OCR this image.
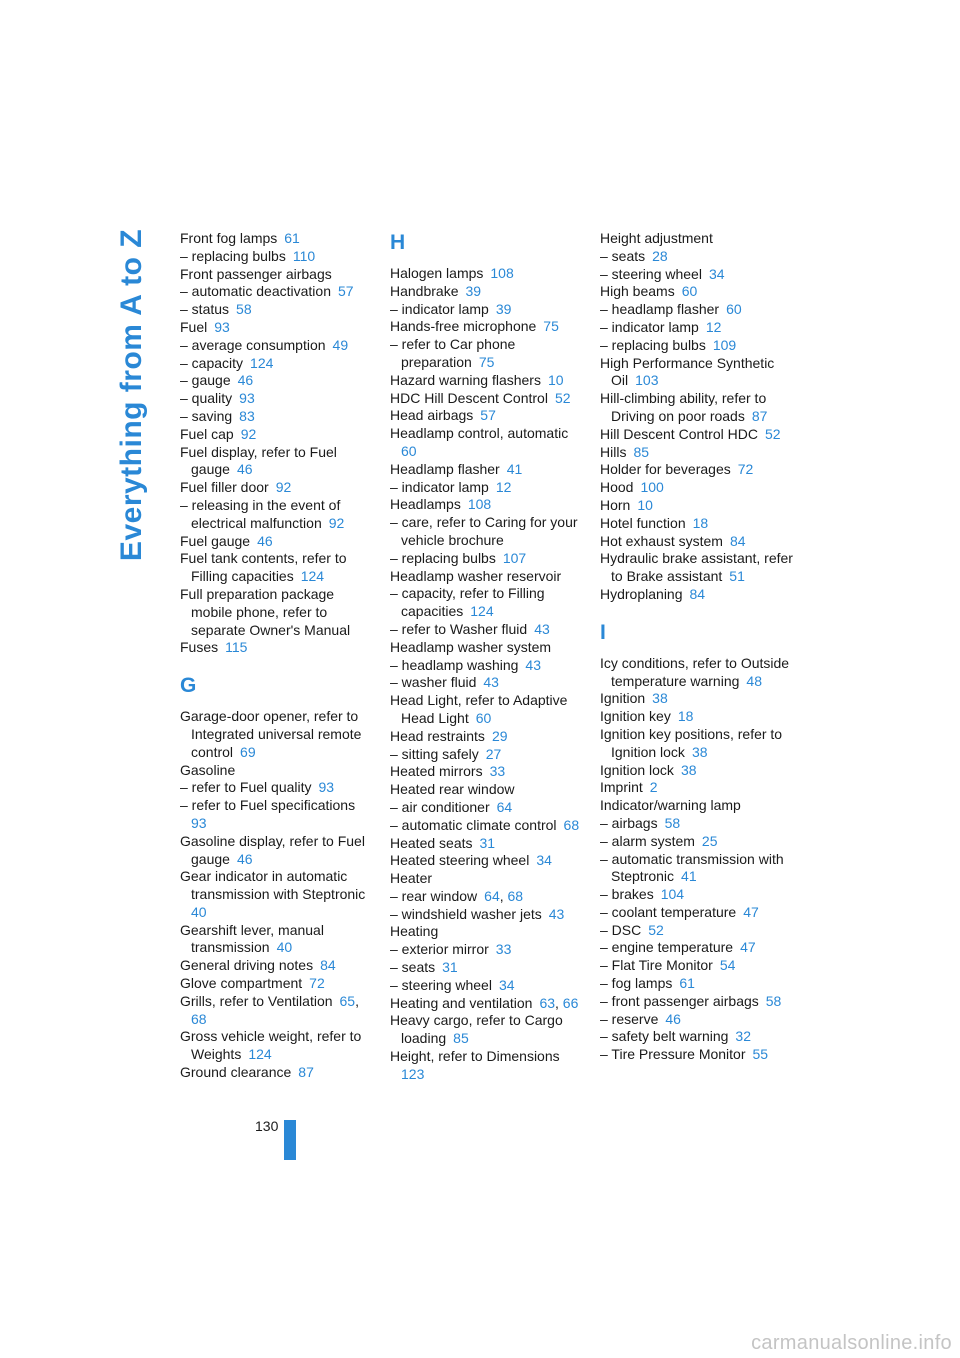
Everything from A to Z Front fog lamps  61
– replacing bulbs  110
Front passenger airbags
– automatic deactivation  57
– status  58
Fuel  93
– average consumption  49
– capacity  124
– gauge  46
– quality  93
– saving  83
Fuel cap  92
Fuel display, refer to Fuel gauge  46
Fuel filler door  92
– releasing in the event of electrical malfunction  92
Fuel gauge  46
Fuel tank contents, refer to Filling capacities  124
Full preparation package mobile phone, refer to separate Owner's Manual
Fuses  115
G
Garage-door opener, refer to Integrated universal remote control  69
Gasoline
– refer to Fuel quality  93
– refer to Fuel specifications 93
Gasoline display, refer to Fuel gauge  46
Gear indicator in automatic transmission with Steptronic 40
Gearshift lever, manual transmission  40
General driving notes  84
Glove compartment  72
Grills, refer to Ventilation  65, 68
Gross vehicle weight, refer to Weights  124
Ground clearance  87
H
Halogen lamps  108
Handbrake  39
– indicator lamp  39
Hands-free microphone  75
– refer to Car phone preparation  75
Hazard warning flashers  10
HDC Hill Descent Control  52
Head airbags  57
Headlamp control, automatic 60
Headlamp flasher  41
– indicator lamp  12
Headlamps  108
– care, refer to Caring for your vehicle brochure
– replacing bulbs  107
Headlamp washer reservoir
– capacity, refer to Filling capacities  124
– refer to Washer fluid  43
Headlamp washer system
– headlamp washing  43
– washer fluid  43
Head Light, refer to Adaptive Head Light  60
Head restraints  29
– sitting safely  27
Heated mirrors  33
Heated rear window
– air conditioner  64
– automatic climate control  68
Heated seats  31
Heated steering wheel  34
Heater
– rear window  64, 68
– windshield washer jets  43
Heating
– exterior mirror  33
– seats  31
– steering wheel  34
Heating and ventilation  63, 66
Heavy cargo, refer to Cargo loading  85
Height, refer to Dimensions 123
Height adjustment
– seats  28
– steering wheel  34
High beams  60
– headlamp flasher  60
– indicator lamp  12
– replacing bulbs  109
High Performance Synthetic Oil  103
Hill-climbing ability, refer to Driving on poor roads  87
Hill Descent Control HDC  52
Hills  85
Holder for beverages  72
Hood  100
Horn  10
Hotel function  18
Hot exhaust system  84
Hydraulic brake assistant, refer to Brake assistant  51
Hydroplaning  84
I
Icy conditions, refer to Outside temperature warning  48
Ignition  38
Ignition key  18
Ignition key positions, refer to Ignition lock  38
Ignition lock  38
Imprint  2
Indicator/warning lamp
– airbags  58
– alarm system  25
– automatic transmission with Steptronic  41
– brakes  104
– coolant temperature  47
– DSC  52
– engine temperature  47
– Flat Tire Monitor  54
– fog lamps  61
– front passenger airbags  58
– reserve  46
– safety belt warning  32
– Tire Pressure Monitor  55
130
carmanualsonline.info
